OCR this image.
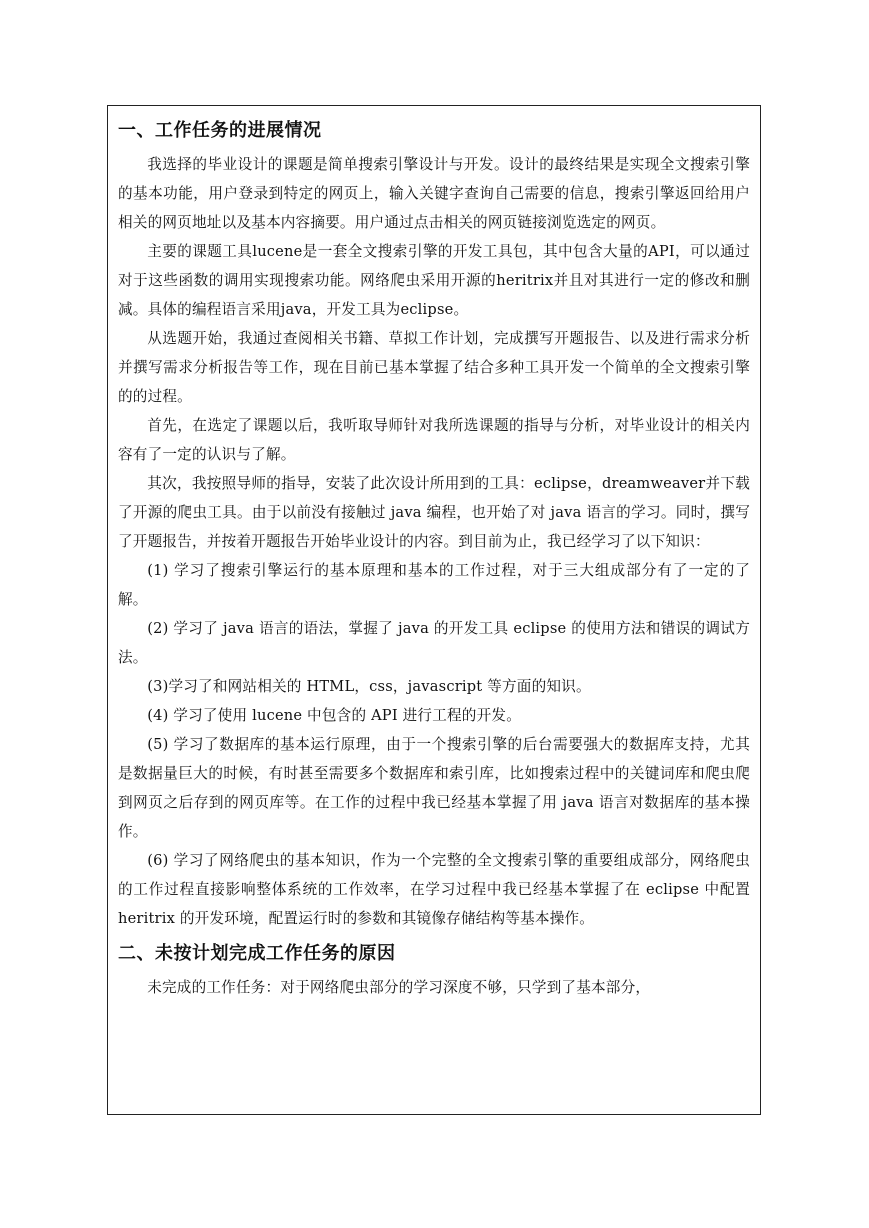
一、工作任务的进展情况

我选择的毕业设计的课题是简单搜索引擎设计与开发。设计的最终结果是实现全文搜索引擎的基本功能，用户登录到特定的网页上，输入关键字查询自己需要的信息，搜索引擎返回给用户相关的网页地址以及基本内容摘要。用户通过点击相关的网页链接浏览选定的网页。

主要的课题工具lucene是一套全文搜索引擎的开发工具包，其中包含大量的API，可以通过对于这些函数的调用实现搜索功能。网络爬虫采用开源的heritrix并且对其进行一定的修改和删减。具体的编程语言采用java，开发工具为eclipse。

从选题开始，我通过查阅相关书籍、草拟工作计划，完成撰写开题报告、以及进行需求分析并撰写需求分析报告等工作，现在目前已基本掌握了结合多种工具开发一个简单的全文搜索引擎的的过程。

首先，在选定了课题以后，我听取导师针对我所选课题的指导与分析，对毕业设计的相关内容有了一定的认识与了解。

其次，我按照导师的指导，安装了此次设计所用到的工具：eclipse，dreamweaver并下载了开源的爬虫工具。由于以前没有接触过 java 编程，也开始了对 java 语言的学习。同时，撰写了开题报告，并按着开题报告开始毕业设计的内容。到目前为止，我已经学习了以下知识：

(1) 学习了搜索引擎运行的基本原理和基本的工作过程，对于三大组成部分有了一定的了解。

(2) 学习了 java 语言的语法，掌握了 java 的开发工具 eclipse 的使用方法和错误的调试方法。

(3)学习了和网站相关的 HTML，css，javascript 等方面的知识。

(4) 学习了使用 lucene 中包含的 API 进行工程的开发。

(5) 学习了数据库的基本运行原理，由于一个搜索引擎的后台需要强大的数据库支持，尤其是数据量巨大的时候，有时甚至需要多个数据库和索引库，比如搜索过程中的关键词库和爬虫爬到网页之后存到的网页库等。在工作的过程中我已经基本掌握了用 java 语言对数据库的基本操作。

(6) 学习了网络爬虫的基本知识，作为一个完整的全文搜索引擎的重要组成部分，网络爬虫的工作过程直接影响整体系统的工作效率，在学习过程中我已经基本掌握了在 eclipse 中配置 heritrix 的开发环境，配置运行时的参数和其镜像存储结构等基本操作。

二、未按计划完成工作任务的原因

未完成的工作任务：对于网络爬虫部分的学习深度不够，只学到了基本部分，
